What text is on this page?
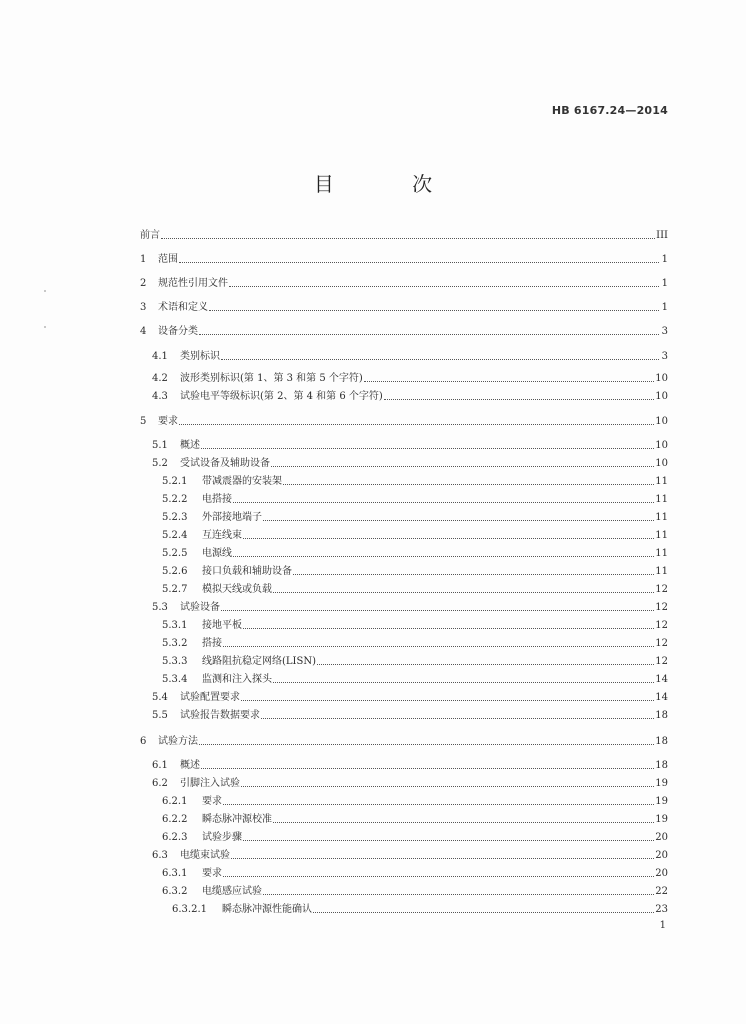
HB 6167.24—2014
目 次
前言	III
1	范围	1
2	规范性引用文件	1
3	术语和定义	1
4	设备分类	3
4.1	类别标识	3
4.2	波形类别标识(第 1、第 3 和第 5 个字符)	10
4.3	试验电平等级标识(第 2、第 4 和第 6 个字符)	10
5	要求	10
5.1	概述	10
5.2	受试设备及辅助设备	10
5.2.1	带减震器的安装架	11
5.2.2	电搭接	11
5.2.3	外部接地端子	11
5.2.4	互连线束	11
5.2.5	电源线	11
5.2.6	接口负载和辅助设备	11
5.2.7	模拟天线或负载	12
5.3	试验设备	12
5.3.1	接地平板	12
5.3.2	搭接	12
5.3.3	线路阻抗稳定网络(LISN)	12
5.3.4	监测和注入探头	14
5.4	试验配置要求	14
5.5	试验报告数据要求	18
6	试验方法	18
6.1	概述	18
6.2	引脚注入试验	19
6.2.1	要求	19
6.2.2	瞬态脉冲源校准	19
6.2.3	试验步骤	20
6.3	电缆束试验	20
6.3.1	要求	20
6.3.2	电缆感应试验	22
6.3.2.1	瞬态脉冲源性能确认	23
1
